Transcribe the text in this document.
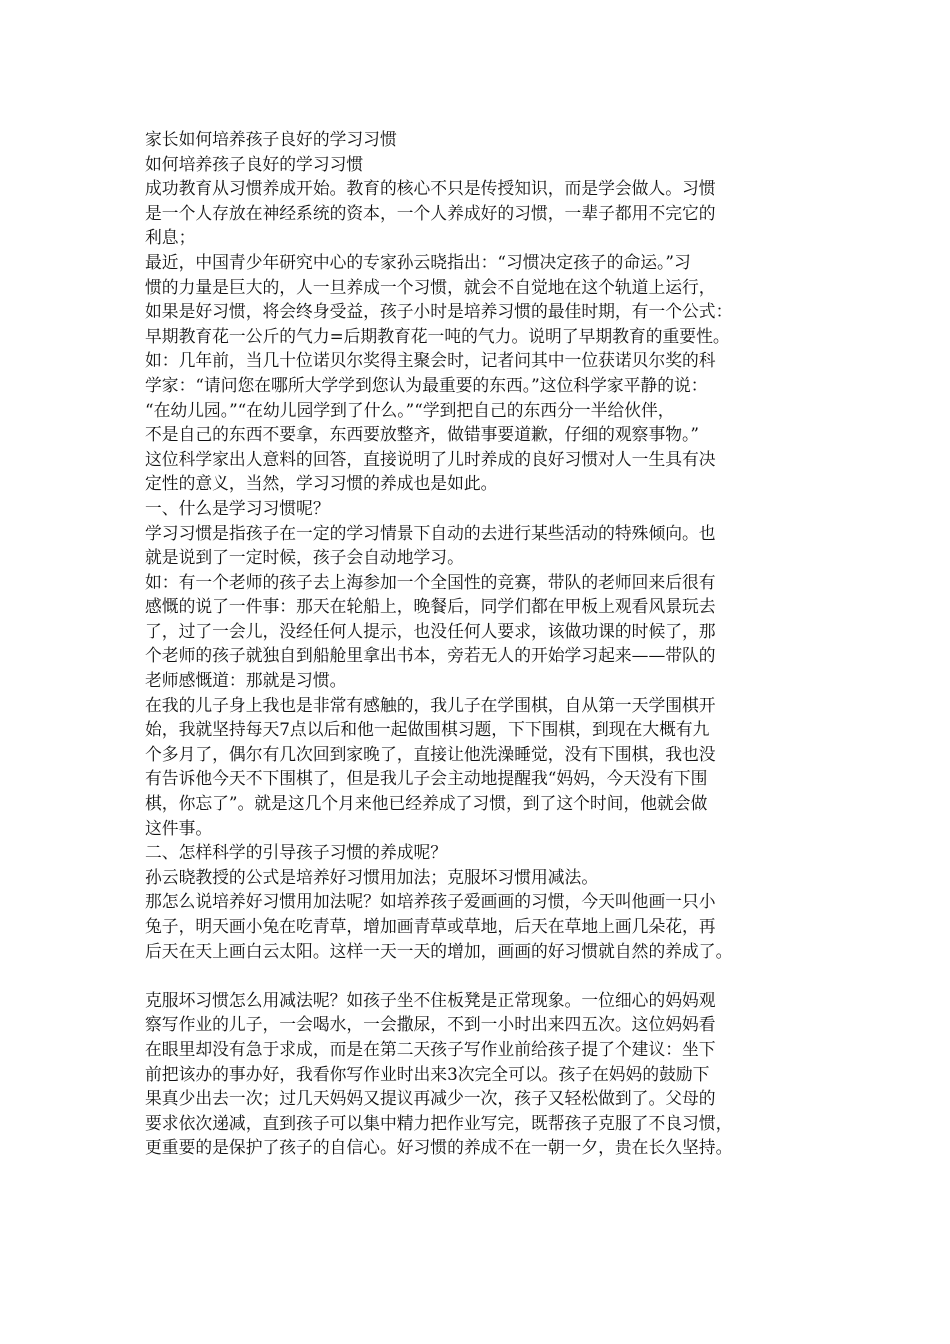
家长如何培养孩子良好的学习习惯
如何培养孩子良好的学习习惯
成功教育从习惯养成开始。教育的核心不只是传授知识，而是学会做人。习惯
是一个人存放在神经系统的资本，一个人养成好的习惯，一辈子都用不完它的
利息；
最近，中国青少年研究中心的专家孙云晓指出：“习惯决定孩子的命运。”习
惯的力量是巨大的，人一旦养成一个习惯，就会不自觉地在这个轨道上运行，
如果是好习惯，将会终身受益，孩子小时是培养习惯的最佳时期，有一个公式：
早期教育花一公斤的气力=后期教育花一吨的气力。说明了早期教育的重要性。
如：几年前，当几十位诺贝尔奖得主聚会时，记者问其中一位获诺贝尔奖的科
学家：“请问您在哪所大学学到您认为最重要的东西。”这位科学家平静的说：
“在幼儿园。”“在幼儿园学到了什么。”“学到把自己的东西分一半给伙伴，
不是自己的东西不要拿，东西要放整齐，做错事要道歉，仔细的观察事物。”
这位科学家出人意料的回答，直接说明了儿时养成的良好习惯对人一生具有决
定性的意义，当然，学习习惯的养成也是如此。
一、什么是学习习惯呢？
学习习惯是指孩子在一定的学习情景下自动的去进行某些活动的特殊倾向。也
就是说到了一定时候，孩子会自动地学习。
如：有一个老师的孩子去上海参加一个全国性的竞赛，带队的老师回来后很有
感慨的说了一件事：那天在轮船上，晚餐后，同学们都在甲板上观看风景玩去
了，过了一会儿，没经任何人提示，也没任何人要求，该做功课的时候了，那
个老师的孩子就独自到船舱里拿出书本，旁若无人的开始学习起来——带队的
老师感慨道：那就是习惯。
在我的儿子身上我也是非常有感触的，我儿子在学围棋，自从第一天学围棋开
始，我就坚持每天7点以后和他一起做围棋习题，下下围棋，到现在大概有九
个多月了，偶尔有几次回到家晚了，直接让他洗澡睡觉，没有下围棋，我也没
有告诉他今天不下围棋了，但是我儿子会主动地提醒我“妈妈，今天没有下围
棋，你忘了”。就是这几个月来他已经养成了习惯，到了这个时间，他就会做
这件事。
二、怎样科学的引导孩子习惯的养成呢？
孙云晓教授的公式是培养好习惯用加法；克服坏习惯用减法。
那怎么说培养好习惯用加法呢？如培养孩子爱画画的习惯，今天叫他画一只小
兔子，明天画小兔在吃青草，增加画青草或草地，后天在草地上画几朵花，再
后天在天上画白云太阳。这样一天一天的增加，画画的好习惯就自然的养成了。
克服坏习惯怎么用减法呢？如孩子坐不住板凳是正常现象。一位细心的妈妈观
察写作业的儿子，一会喝水，一会撒尿，不到一小时出来四五次。这位妈妈看
在眼里却没有急于求成，而是在第二天孩子写作业前给孩子提了个建议：坐下
前把该办的事办好，我看你写作业时出来3次完全可以。孩子在妈妈的鼓励下
果真少出去一次；过几天妈妈又提议再减少一次，孩子又轻松做到了。父母的
要求依次递减，直到孩子可以集中精力把作业写完，既帮孩子克服了不良习惯，
更重要的是保护了孩子的自信心。好习惯的养成不在一朝一夕，贵在长久坚持。
